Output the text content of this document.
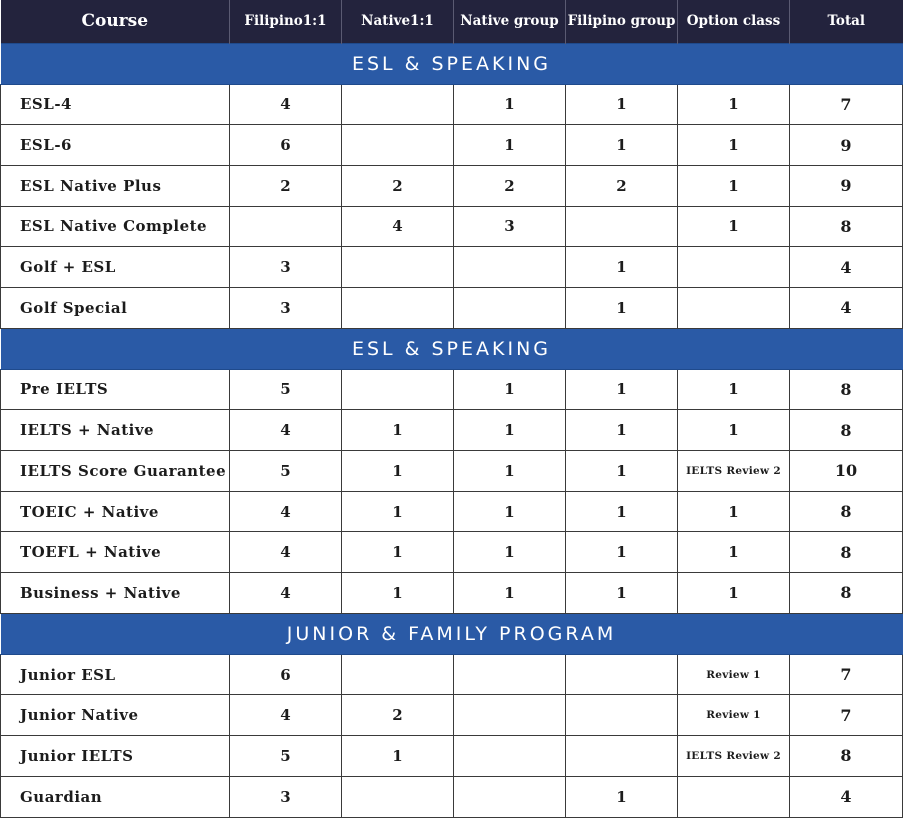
Course	Filipino1:1	Native1:1	Native group	Filipino group	Option class	Total
ESL & SPEAKING						
ESL-4	4		1	1	1	7
ESL-6	6		1	1	1	9
ESL Native Plus	2	2	2	2	1	9
ESL Native Complete		4	3		1	8
Golf + ESL	3			1		4
Golf Special	3			1		4
ESL & SPEAKING						
Pre IELTS	5		1	1	1	8
IELTS + Native	4	1	1	1	1	8
IELTS Score Guarantee	5	1	1	1	IELTS Review 2	10
TOEIC + Native	4	1	1	1	1	8
TOEFL + Native	4	1	1	1	1	8
Business + Native	4	1	1	1	1	8
JUNIOR & FAMILY PROGRAM						
Junior ESL	6				Review 1	7
Junior Native	4	2			Review 1	7
Junior IELTS	5	1			IELTS Review 2	8
Guardian	3			1		4
